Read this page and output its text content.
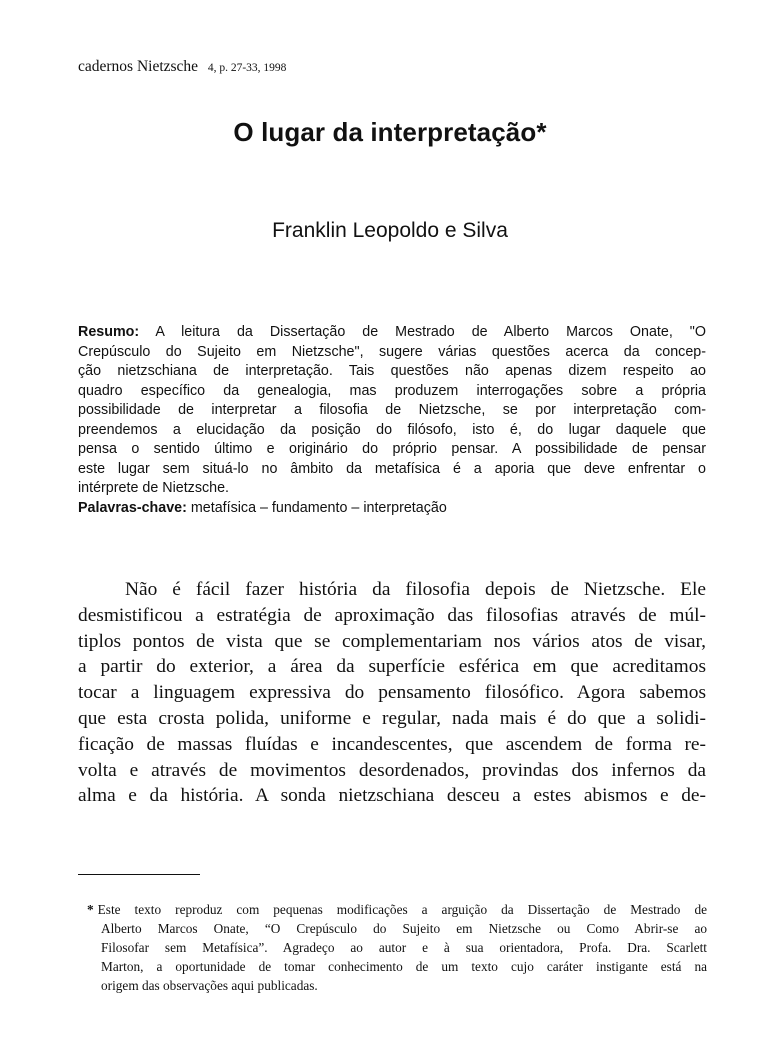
cadernos Nietzsche 4, p. 27-33, 1998
O lugar da interpretação*
Franklin Leopoldo e Silva
Resumo: A leitura da Dissertação de Mestrado de Alberto Marcos Onate, "O
Crepúsculo do Sujeito em Nietzsche", sugere várias questões acerca da concep-
ção nietzschiana de interpretação. Tais questões não apenas dizem respeito ao
quadro específico da genealogia, mas produzem interrogações sobre a própria
possibilidade de interpretar a filosofia de Nietzsche, se por interpretação com-
preendemos a elucidação da posição do filósofo, isto é, do lugar daquele que
pensa o sentido último e originário do próprio pensar. A possibilidade de pensar
este lugar sem situá-lo no âmbito da metafísica é a aporia que deve enfrentar o
intérprete de Nietzsche.
Palavras-chave: metafísica – fundamento – interpretação
Não é fácil fazer história da filosofia depois de Nietzsche. Ele
desmistificou a estratégia de aproximação das filosofias através de múl-
tiplos pontos de vista que se complementariam nos vários atos de visar,
a partir do exterior, a área da superfície esférica em que acreditamos
tocar a linguagem expressiva do pensamento filosófico. Agora sabemos
que esta crosta polida, uniforme e regular, nada mais é do que a solidi-
ficação de massas fluídas e incandescentes, que ascendem de forma re-
volta e através de movimentos desordenados, provindas dos infernos da
alma e da história. A sonda nietzschiana desceu a estes abismos e de-
* Este texto reproduz com pequenas modificações a arguição da Dissertação de Mestrado de
Alberto Marcos Onate, “O Crepúsculo do Sujeito em Nietzsche ou Como Abrir-se ao
Filosofar sem Metafísica”. Agradeço ao autor e à sua orientadora, Profa. Dra. Scarlett
Marton, a oportunidade de tomar conhecimento de um texto cujo caráter instigante está na
origem das observações aqui publicadas.
